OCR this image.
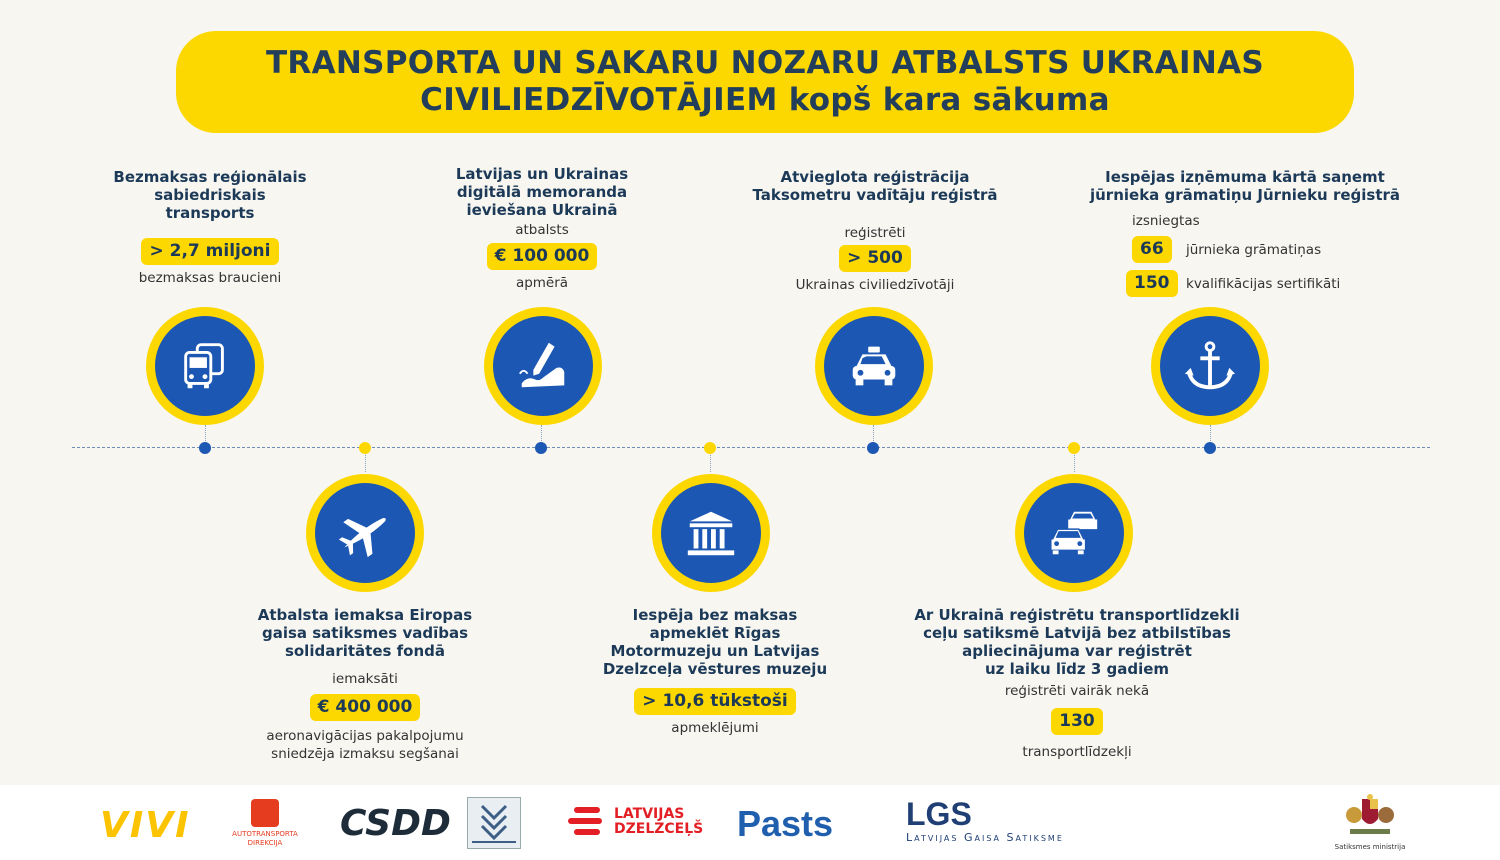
TRANSPORTA UN SAKARU NOZARU ATBALSTS UKRAINAS
CIVILIEDZĪVOTĀJIEM kopš kara sākuma
Bezmaksas reģionālais
sabiedriskais
transports
> 2,7 miljoni
bezmaksas braucieni
Latvijas un Ukrainas
digitālā memoranda
ieviešana Ukrainā
atbalsts
€ 100 000
apmērā
Atvieglota reģistrācija
Taksometru vadītāju reģistrā
reģistrēti
> 500
Ukrainas civiliedzīvotāji
Iespējas izņēmuma kārtā saņemt
jūrnieka grāmatiņu Jūrnieku reģistrā
izsniegtas
66	jūrnieka grāmatiņas
150	kvalifikācijas sertifikāti
Atbalsta iemaksa Eiropas
gaisa satiksmes vadības
solidaritātes fondā
iemaksāti
€ 400 000
aeronavigācijas pakalpojumu
sniedzēja izmaksu segšanai
Iespēja bez maksas
apmeklēt Rīgas
Motormuzeju un Latvijas
Dzelzceļa vēstures muzeju
> 10,6 tūkstoši
apmeklējumi
Ar Ukrainā reģistrētu transportlīdzekli
ceļu satiksmē Latvijā bez atbilstības
apliecinājuma var reģistrēt
uz laiku līdz 3 gadiem
reģistrēti vairāk nekā
130
transportlīdzekļi
VIVI	AUTOTRANSPORTA
DIREKCIJA	CSDD	LATVIJAS
DZELZCEĻŠ Pasts LGS
Latvijas Gaisa Satiksme
Satiksmes ministrija
